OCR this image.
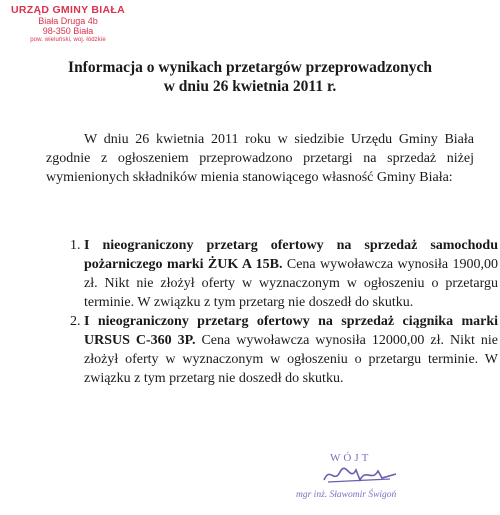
URZĄD GMINY BIAŁA
Biała Druga 4b
98-350 Biała
pow. wieluński, woj. łódzkie
Informacja o wynikach przetargów przeprowadzonych
w dniu 26 kwietnia 2011 r.

W dniu 26 kwietnia 2011 roku w siedzibie Urzędu Gminy Biała zgodnie z ogłoszeniem przeprowadzono przetargi na sprzedaż niżej wymienionych składników mienia stanowiącego własność Gminy Biała:

1. I nieograniczony przetarg ofertowy na sprzedaż samochodu pożarniczego marki ŻUK A 15B. Cena wywoławcza wynosiła 1900,00 zł. Nikt nie złożył oferty w wyznaczonym w ogłoszeniu o przetargu terminie. W związku z tym przetarg nie doszedł do skutku.
2. I nieograniczony przetarg ofertowy na sprzedaż ciągnika marki URSUS C-360 3P. Cena wywoławcza wynosiła 12000,00 zł. Nikt nie złożył oferty w wyznaczonym w ogłoszeniu o przetargu terminie. W związku z tym przetarg nie doszedł do skutku.
WÓJT
mgr inż. Sławomir Świgoń
